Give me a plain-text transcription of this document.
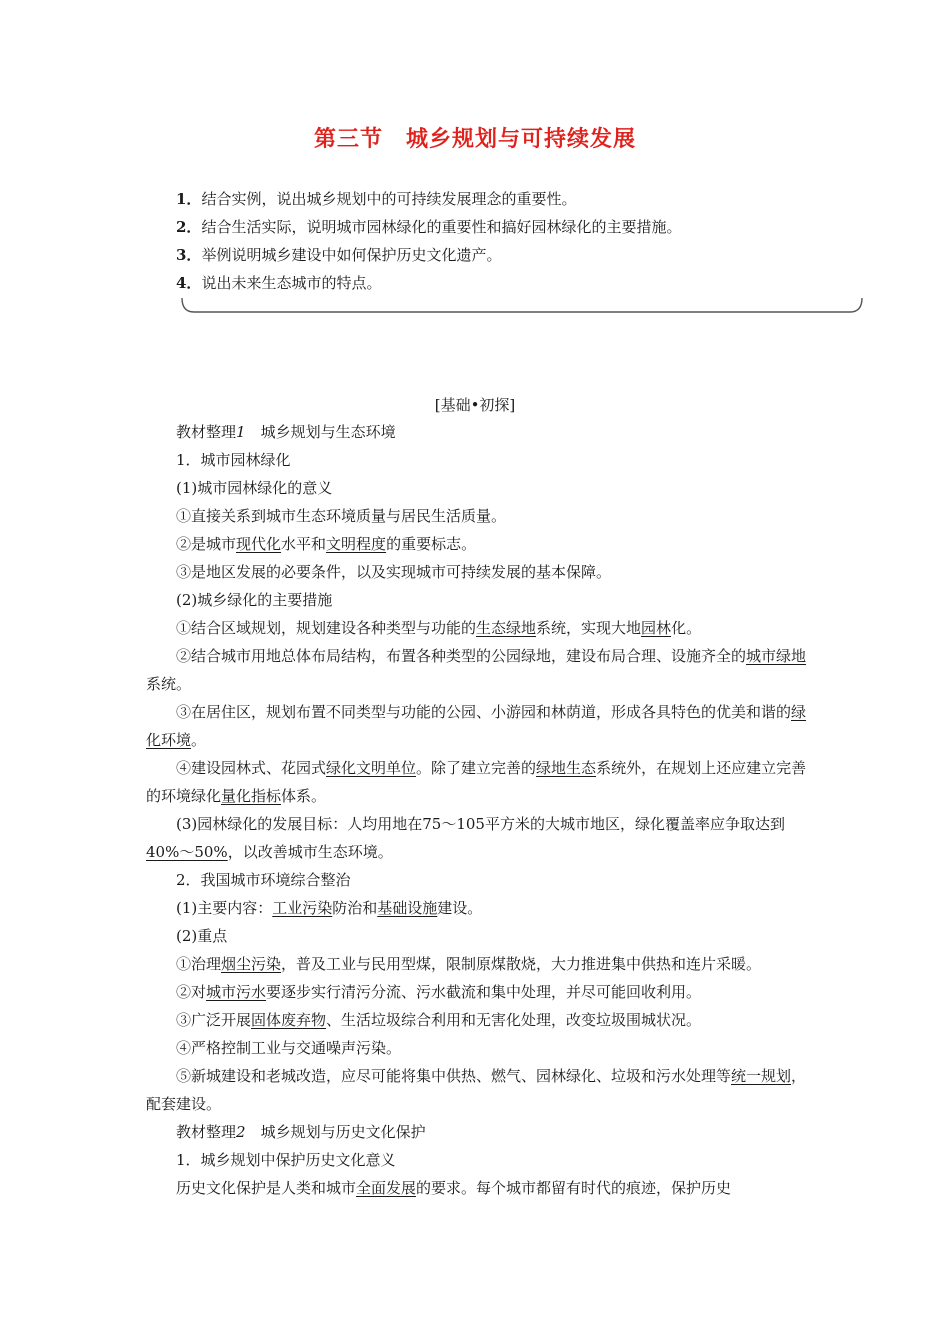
第三节　城乡规划与可持续发展
1．结合实例，说出城乡规划中的可持续发展理念的重要性。
2．结合生活实际，说明城市园林绿化的重要性和搞好园林绿化的主要措施。
3．举例说明城乡建设中如何保护历史文化遗产。
4．说出未来生态城市的特点。
[基础•初探]

教材整理1　 城乡规划与生态环境

1．城市园林绿化

(1)城市园林绿化的意义

①直接关系到城市生态环境质量与居民生活质量。

②是城市现代化水平和文明程度的重要标志。

③是地区发展的必要条件，以及实现城市可持续发展的基本保障。

(2)城乡绿化的主要措施

①结合区域规划，规划建设各种类型与功能的生态绿地系统，实现大地园林化。

②结合城市用地总体布局结构，布置各种类型的公园绿地，建设布局合理、设施齐全的城市绿地系统。

③在居住区，规划布置不同类型与功能的公园、小游园和林荫道，形成各具特色的优美和谐的绿化环境。

④建设园林式、花园式绿化文明单位。除了建立完善的绿地生态系统外，在规划上还应建立完善的环境绿化量化指标体系。

(3)园林绿化的发展目标：人均用地在75～105平方米的大城市地区，绿化覆盖率应争取达到40%～50%，以改善城市生态环境。

2．我国城市环境综合整治

(1)主要内容：工业污染防治和基础设施建设。

(2)重点

①治理烟尘污染，普及工业与民用型煤，限制原煤散烧，大力推进集中供热和连片采暖。

②对城市污水要逐步实行清污分流、污水截流和集中处理，并尽可能回收利用。

③广泛开展固体废弃物、生活垃圾综合利用和无害化处理，改变垃圾围城状况。

④严格控制工业与交通噪声污染。

⑤新城建设和老城改造，应尽可能将集中供热、燃气、园林绿化、垃圾和污水处理等统一规划，配套建设。

教材整理2　 城乡规划与历史文化保护

1．城乡规划中保护历史文化意义

历史文化保护是人类和城市全面发展的要求。每个城市都留有时代的痕迹，保护历史
